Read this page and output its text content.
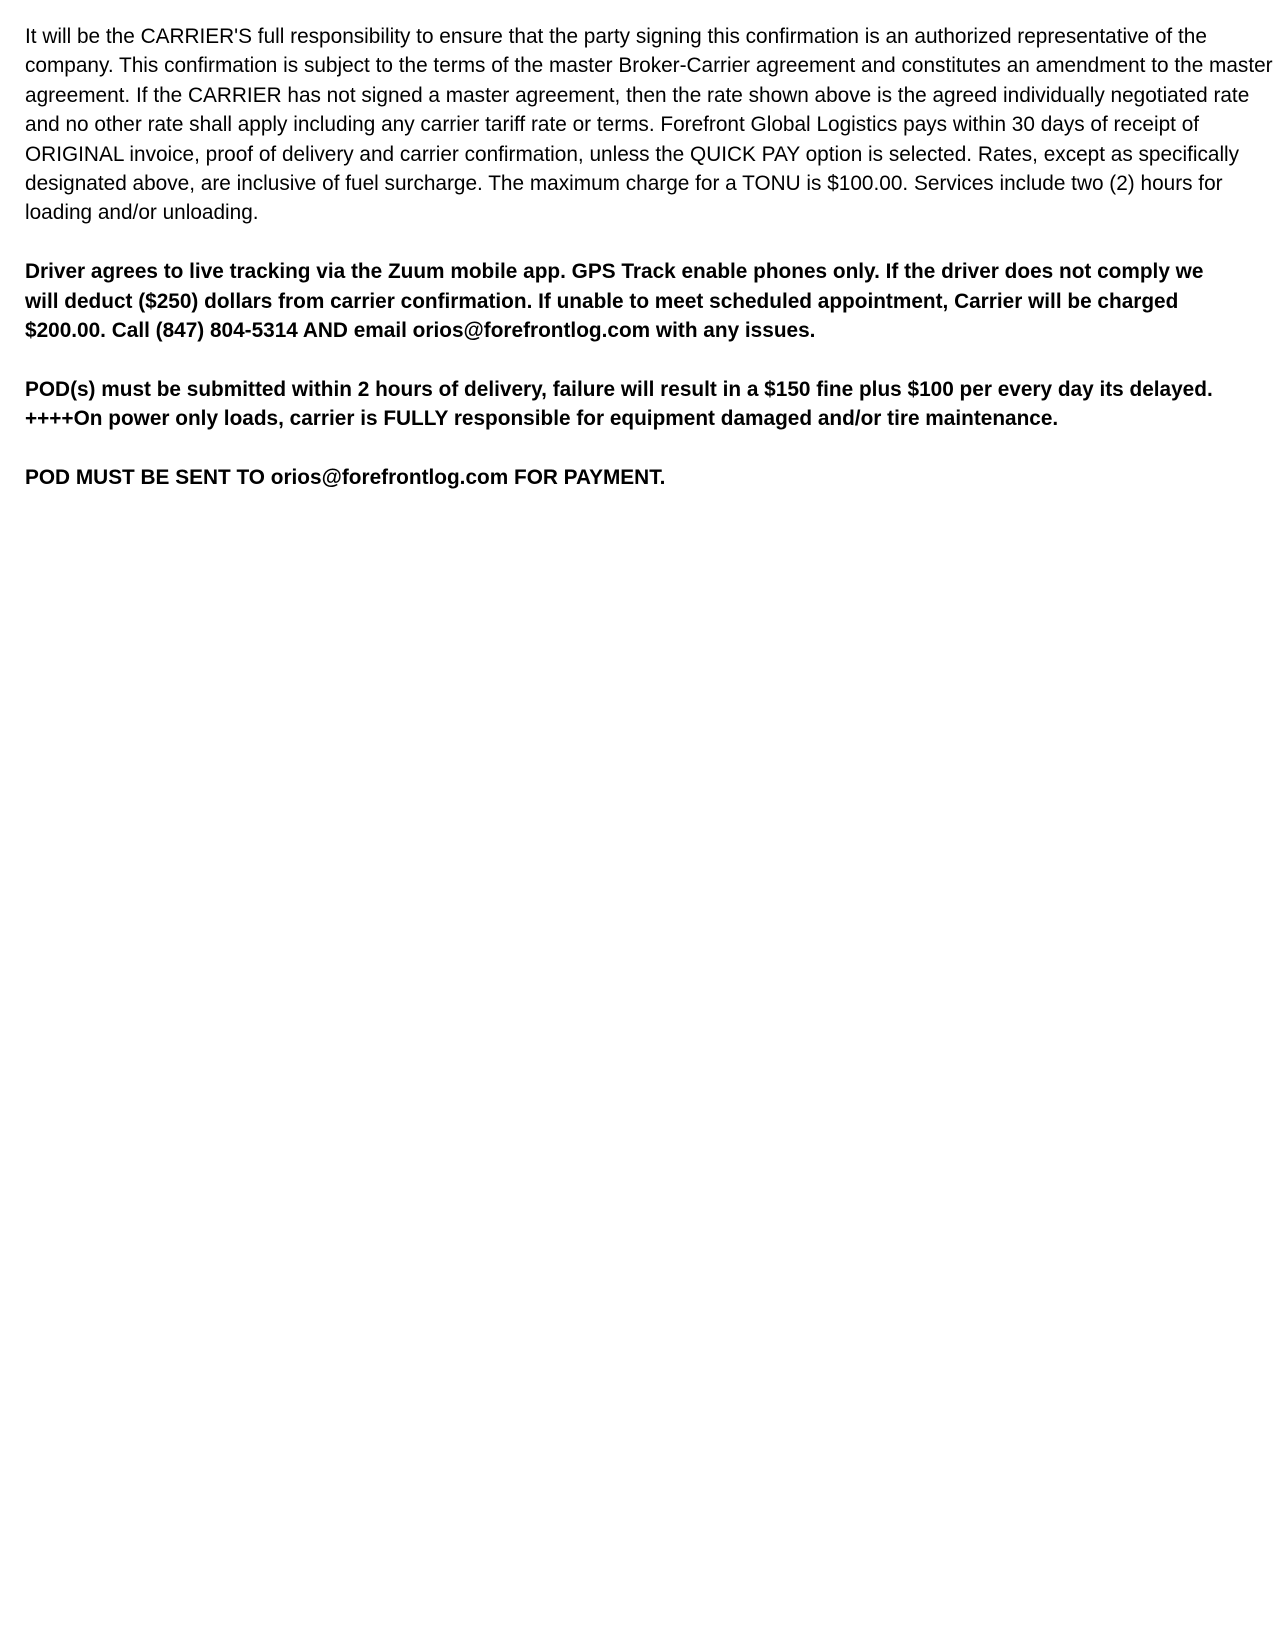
It will be the CARRIER'S full responsibility to ensure that the party signing this confirmation is an authorized representative of the
company. This confirmation is subject to the terms of the master Broker-Carrier agreement and constitutes an amendment to the master
agreement. If the CARRIER has not signed a master agreement, then the rate shown above is the agreed individually negotiated rate
and no other rate shall apply including any carrier tariff rate or terms. Forefront Global Logistics pays within 30 days of receipt of
ORIGINAL invoice, proof of delivery and carrier confirmation, unless the QUICK PAY option is selected. Rates, except as specifically
designated above, are inclusive of fuel surcharge. The maximum charge for a TONU is $100.00. Services include two (2) hours for
loading and/or unloading.

Driver agrees to live tracking via the Zuum mobile app. GPS Track enable phones only. If the driver does not comply we
will deduct ($250) dollars from carrier confirmation. If unable to meet scheduled appointment, Carrier will be charged
$200.00. Call (847) 804-5314 AND email orios@forefrontlog.com with any issues.

POD(s) must be submitted within 2 hours of delivery, failure will result in a $150 fine plus $100 per every day its delayed.
++++On power only loads, carrier is FULLY responsible for equipment damaged and/or tire maintenance.

POD MUST BE SENT TO orios@forefrontlog.com FOR PAYMENT.
